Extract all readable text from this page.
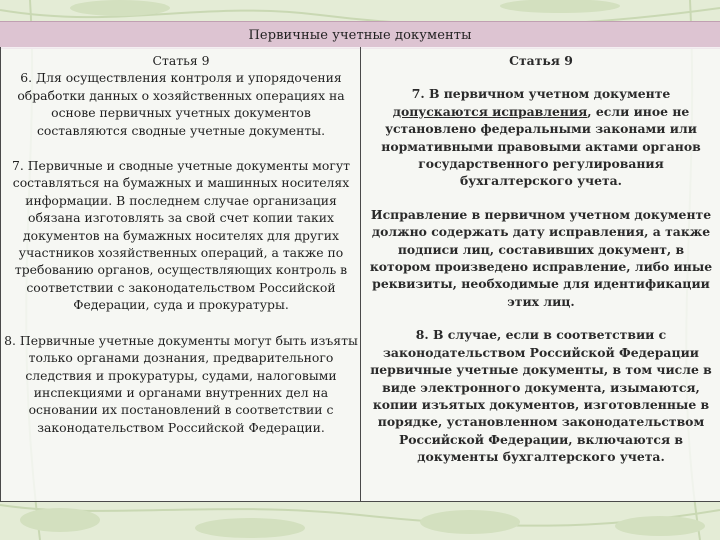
Первичные учетные документы

Статья 9

6. Для осуществления контроля и упорядочения обработки данных о хозяйственных операциях на основе первичных учетных документов составляются сводные учетные документы.

7. Первичные и сводные учетные документы могут составляться на бумажных и машинных носителях информации. В последнем случае организация обязана изготовлять за свой счет копии таких документов на бумажных носителях для других участников хозяйственных операций, а также по требованию органов, осуществляющих контроль в соответствии с законодательством Российской Федерации, суда и прокуратуры.

8. Первичные учетные документы могут быть изъяты только органами дознания, предварительного следствия и прокуратуры, судами, налоговыми инспекциями и органами внутренних дел на основании их постановлений в соответствии с законодательством Российской Федерации.

Статья 9

7. В первичном учетном документе допускаются исправления, если иное не установлено федеральными законами или нормативными правовыми актами органов государственного регулирования бухгалтерского учета.

Исправление в первичном учетном документе должно содержать дату исправления, а также подписи лиц, составивших документ, в котором произведено исправление, либо иные реквизиты, необходимые для идентификации этих лиц.

8. В случае, если в соответствии с законодательством Российской Федерации первичные учетные документы, в том числе в виде электронного документа, изымаются, копии изъятых документов, изготовленные в порядке, установленном законодательством Российской Федерации, включаются в документы бухгалтерского учета.
